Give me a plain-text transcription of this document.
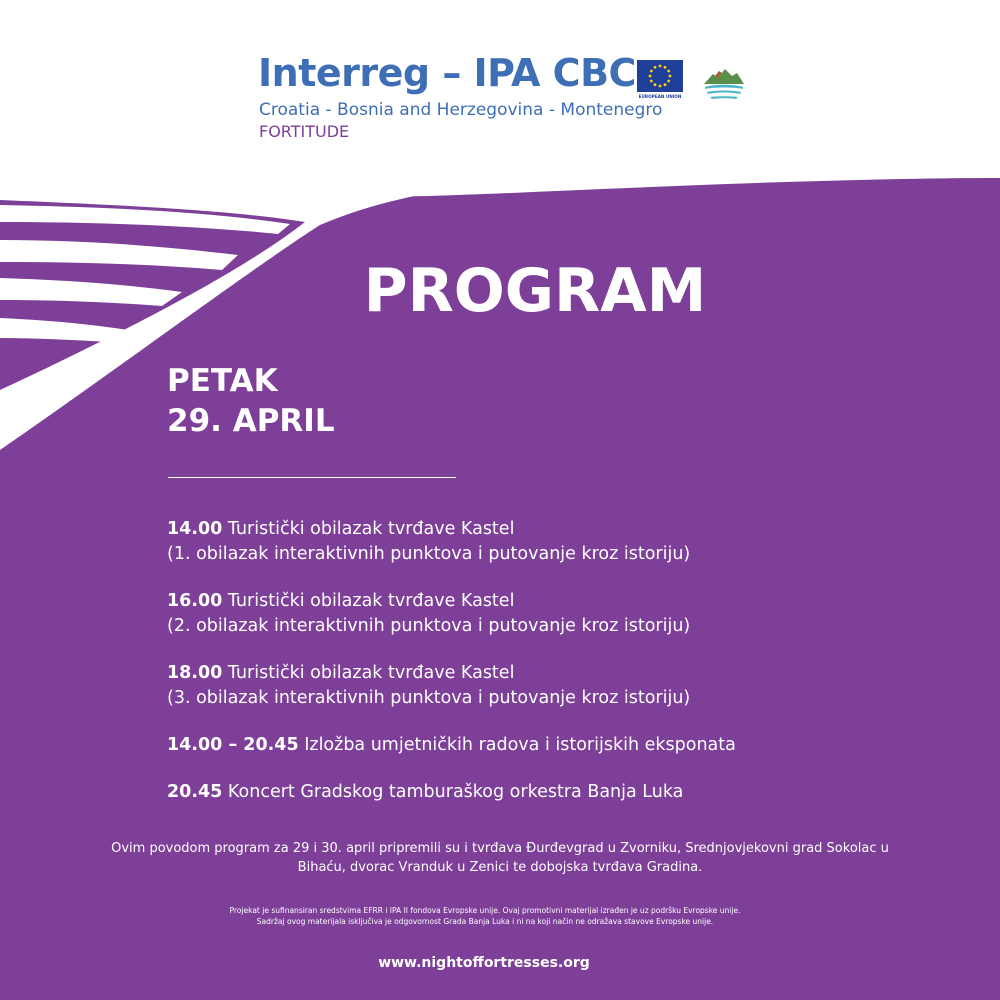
Interreg – IPA CBC
Croatia - Bosnia and Herzegovina - Montenegro
FORTITUDE
EUROPEAN UNION
PROGRAM
PETAK
29. APRIL
14.00 Turistički obilazak tvrđave Kastel
(1. obilazak interaktivnih punktova i putovanje kroz istoriju)
16.00 Turistički obilazak tvrđave Kastel
(2. obilazak interaktivnih punktova i putovanje kroz istoriju)
18.00 Turistički obilazak tvrđave Kastel
(3. obilazak interaktivnih punktova i putovanje kroz istoriju)
14.00 – 20.45 Izložba umjetničkih radova i istorijskih eksponata
20.45 Koncert Gradskog tamburaškog orkestra Banja Luka
Ovim povodom program za 29 i 30. april pripremili su i tvrđava Đurđevgrad u Zvorniku, Srednjovjekovni grad Sokolac u
Bihaću, dvorac Vranduk u Zenici te dobojska tvrđava Gradina.
Projekat je sufinansiran sredstvima EFRR i IPA II fondova Evropske unije. Ovaj promotivni materijal izrađen je uz podršku Evropske unije.
Sadržaj ovog materijala isključiva je odgovornost Grada Banja Luka i ni na koji način ne odražava stavove Evropske unije.
www.nightoffortresses.org
